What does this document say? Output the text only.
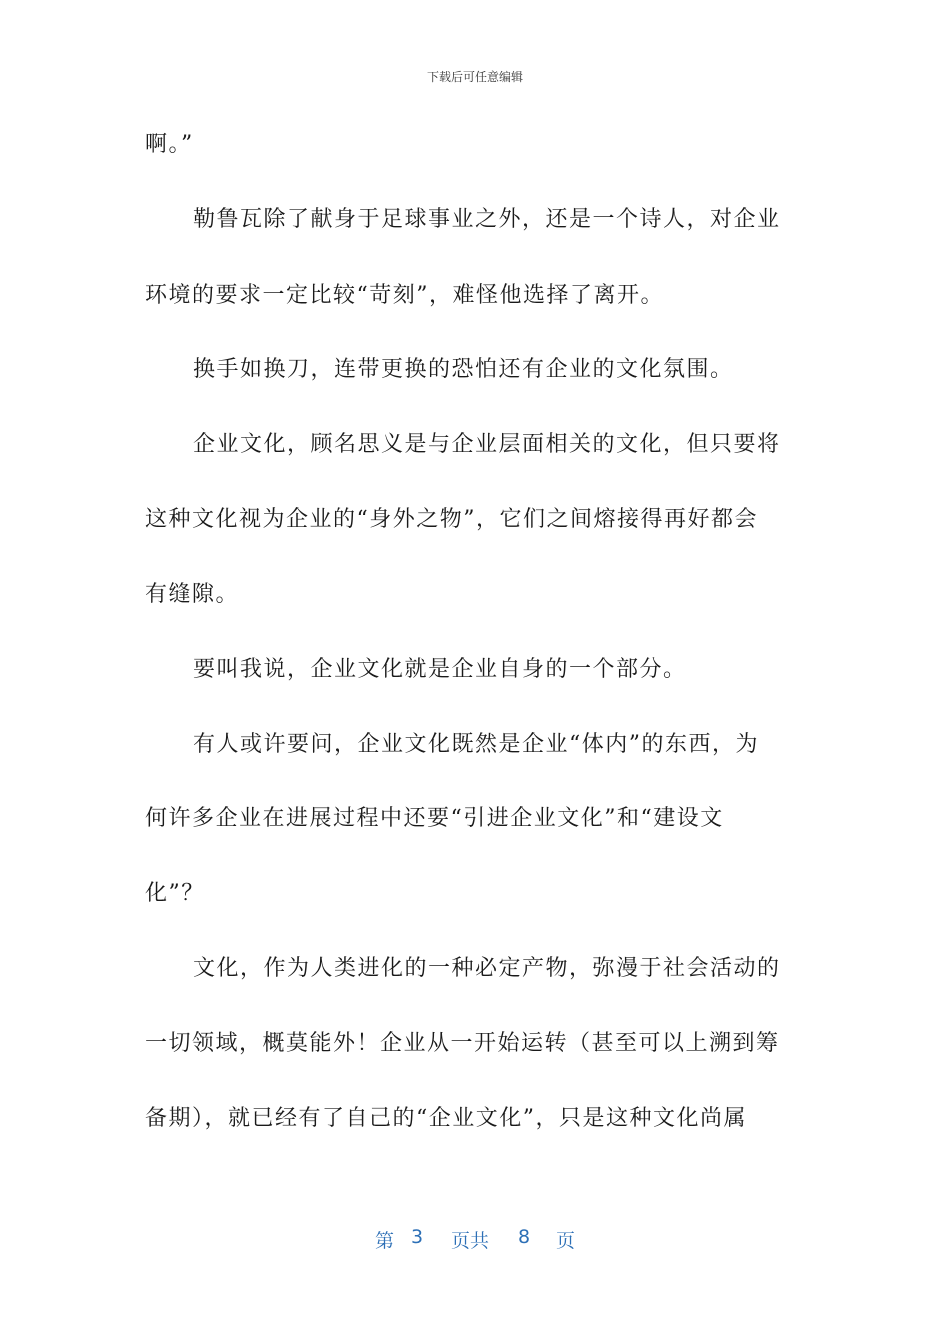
下载后可任意编辑
啊。”
勒鲁瓦除了献身于足球事业之外，还是一个诗人，对企业
环境的要求一定比较“苛刻”，难怪他选择了离开。
换手如换刀，连带更换的恐怕还有企业的文化氛围。
企业文化，顾名思义是与企业层面相关的文化，但只要将
这种文化视为企业的“身外之物”，它们之间熔接得再好都会
有缝隙。
要叫我说，企业文化就是企业自身的一个部分。
有人或许要问，企业文化既然是企业“体内”的东西，为
何许多企业在进展过程中还要“引进企业文化”和“建设文
化”？
文化，作为人类进化的一种必定产物，弥漫于社会活动的
一切领域，概莫能外！企业从一开始运转（甚至可以上溯到筹
备期），就已经有了自己的“企业文化”，只是这种文化尚属
第 3 页共 8 页
